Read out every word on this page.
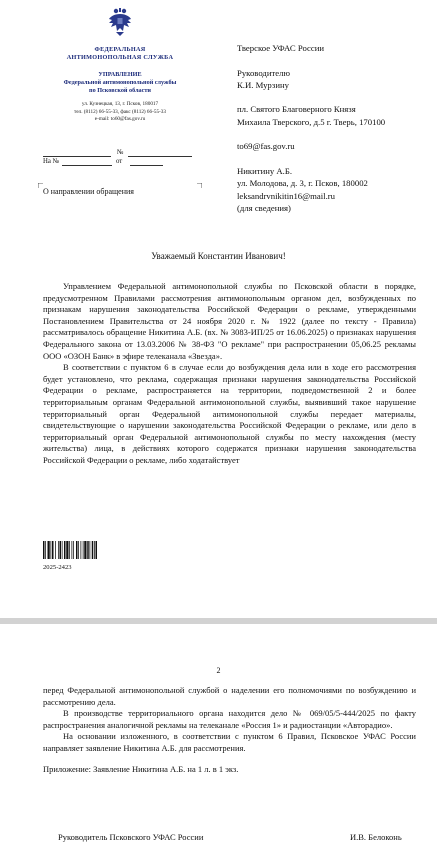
ФЕДЕРАЛЬНАЯ
АНТИМОНОПОЛЬНАЯ СЛУЖБА
УПРАВЛЕНИЕ
Федеральной антимонопольной службы
по Псковской области
ул. Кузнецкая, 13, г. Псков, 180017
тел. (8112) 66-55-33, факс (8112) 66-55-33
e-mail: to60@fas.gov.ru
№
На №	от
О направлении обращения

Тверское УФАС России

Руководителю

К.И. Мурзину

пл. Святого Благоверного Князя

Михаила Тверского, д.5 г. Тверь, 170100

to69@fas.gov.ru

Никитину А.Б.

ул. Молодова, д. 3, г. Псков, 180002

leksandrvnikitin16@mail.ru

(для сведения)

Уважаемый Константин Иванович!

Управлением Федеральной антимонопольной службы по Псковской области в порядке, предусмотренном Правилами рассмотрения антимонопольным органом дел, возбужденных по признакам нарушения законодательства Российской Федерации о рекламе, утвержденными Постановлением Правительства от 24 ноября 2020 г. № 1922 (далее по тексту - Правила) рассматривалось обращение Никитина А.Б. (вх. № 3083-ИП/25 от 16.06.2025) о признаках нарушения Федерального закона от 13.03.2006 № 38-ФЗ "О рекламе" при распространении 05,06.25 рекламы ООО «ОЗОН Банк» в эфире телеканала «Звезда».

В соответствии с пунктом 6 в случае если до возбуждения дела или в ходе его рассмотрения будет установлено, что реклама, содержащая признаки нарушения законодательства Российской Федерации о рекламе, распространяется на территории, подведомственной 2 и более территориальным органам Федеральной антимонопольной службы, выявивший такое нарушение территориальный орган Федеральной антимонопольной службы передает материалы, свидетельствующие о нарушении законодательства Российской Федерации о рекламе, или дело в территориальный орган Федеральной антимонопольной службы по месту нахождения (месту жительства) лица, в действиях которого содержатся признаки нарушения законодательства Российской Федерации о рекламе, либо ходатайствует

2025-2423
2

перед Федеральной антимонопольной службой о наделении его полномочиями по возбуждению и рассмотрению дела.

В производстве территориального органа находится дело № 069/05/5-444/2025 по факту распространения аналогичной рекламы на телеканале «Россия 1» и радиостанции «Авторадио».

На основании изложенного, в соответствии с пунктом 6 Правил, Псковское УФАС России направляет заявление Никитина А.Б. для рассмотрения.

Приложение: Заявление Никитина А.Б. на 1 л. в 1 экз.

Руководитель Псковского УФАС России	И.В. Белоконь
